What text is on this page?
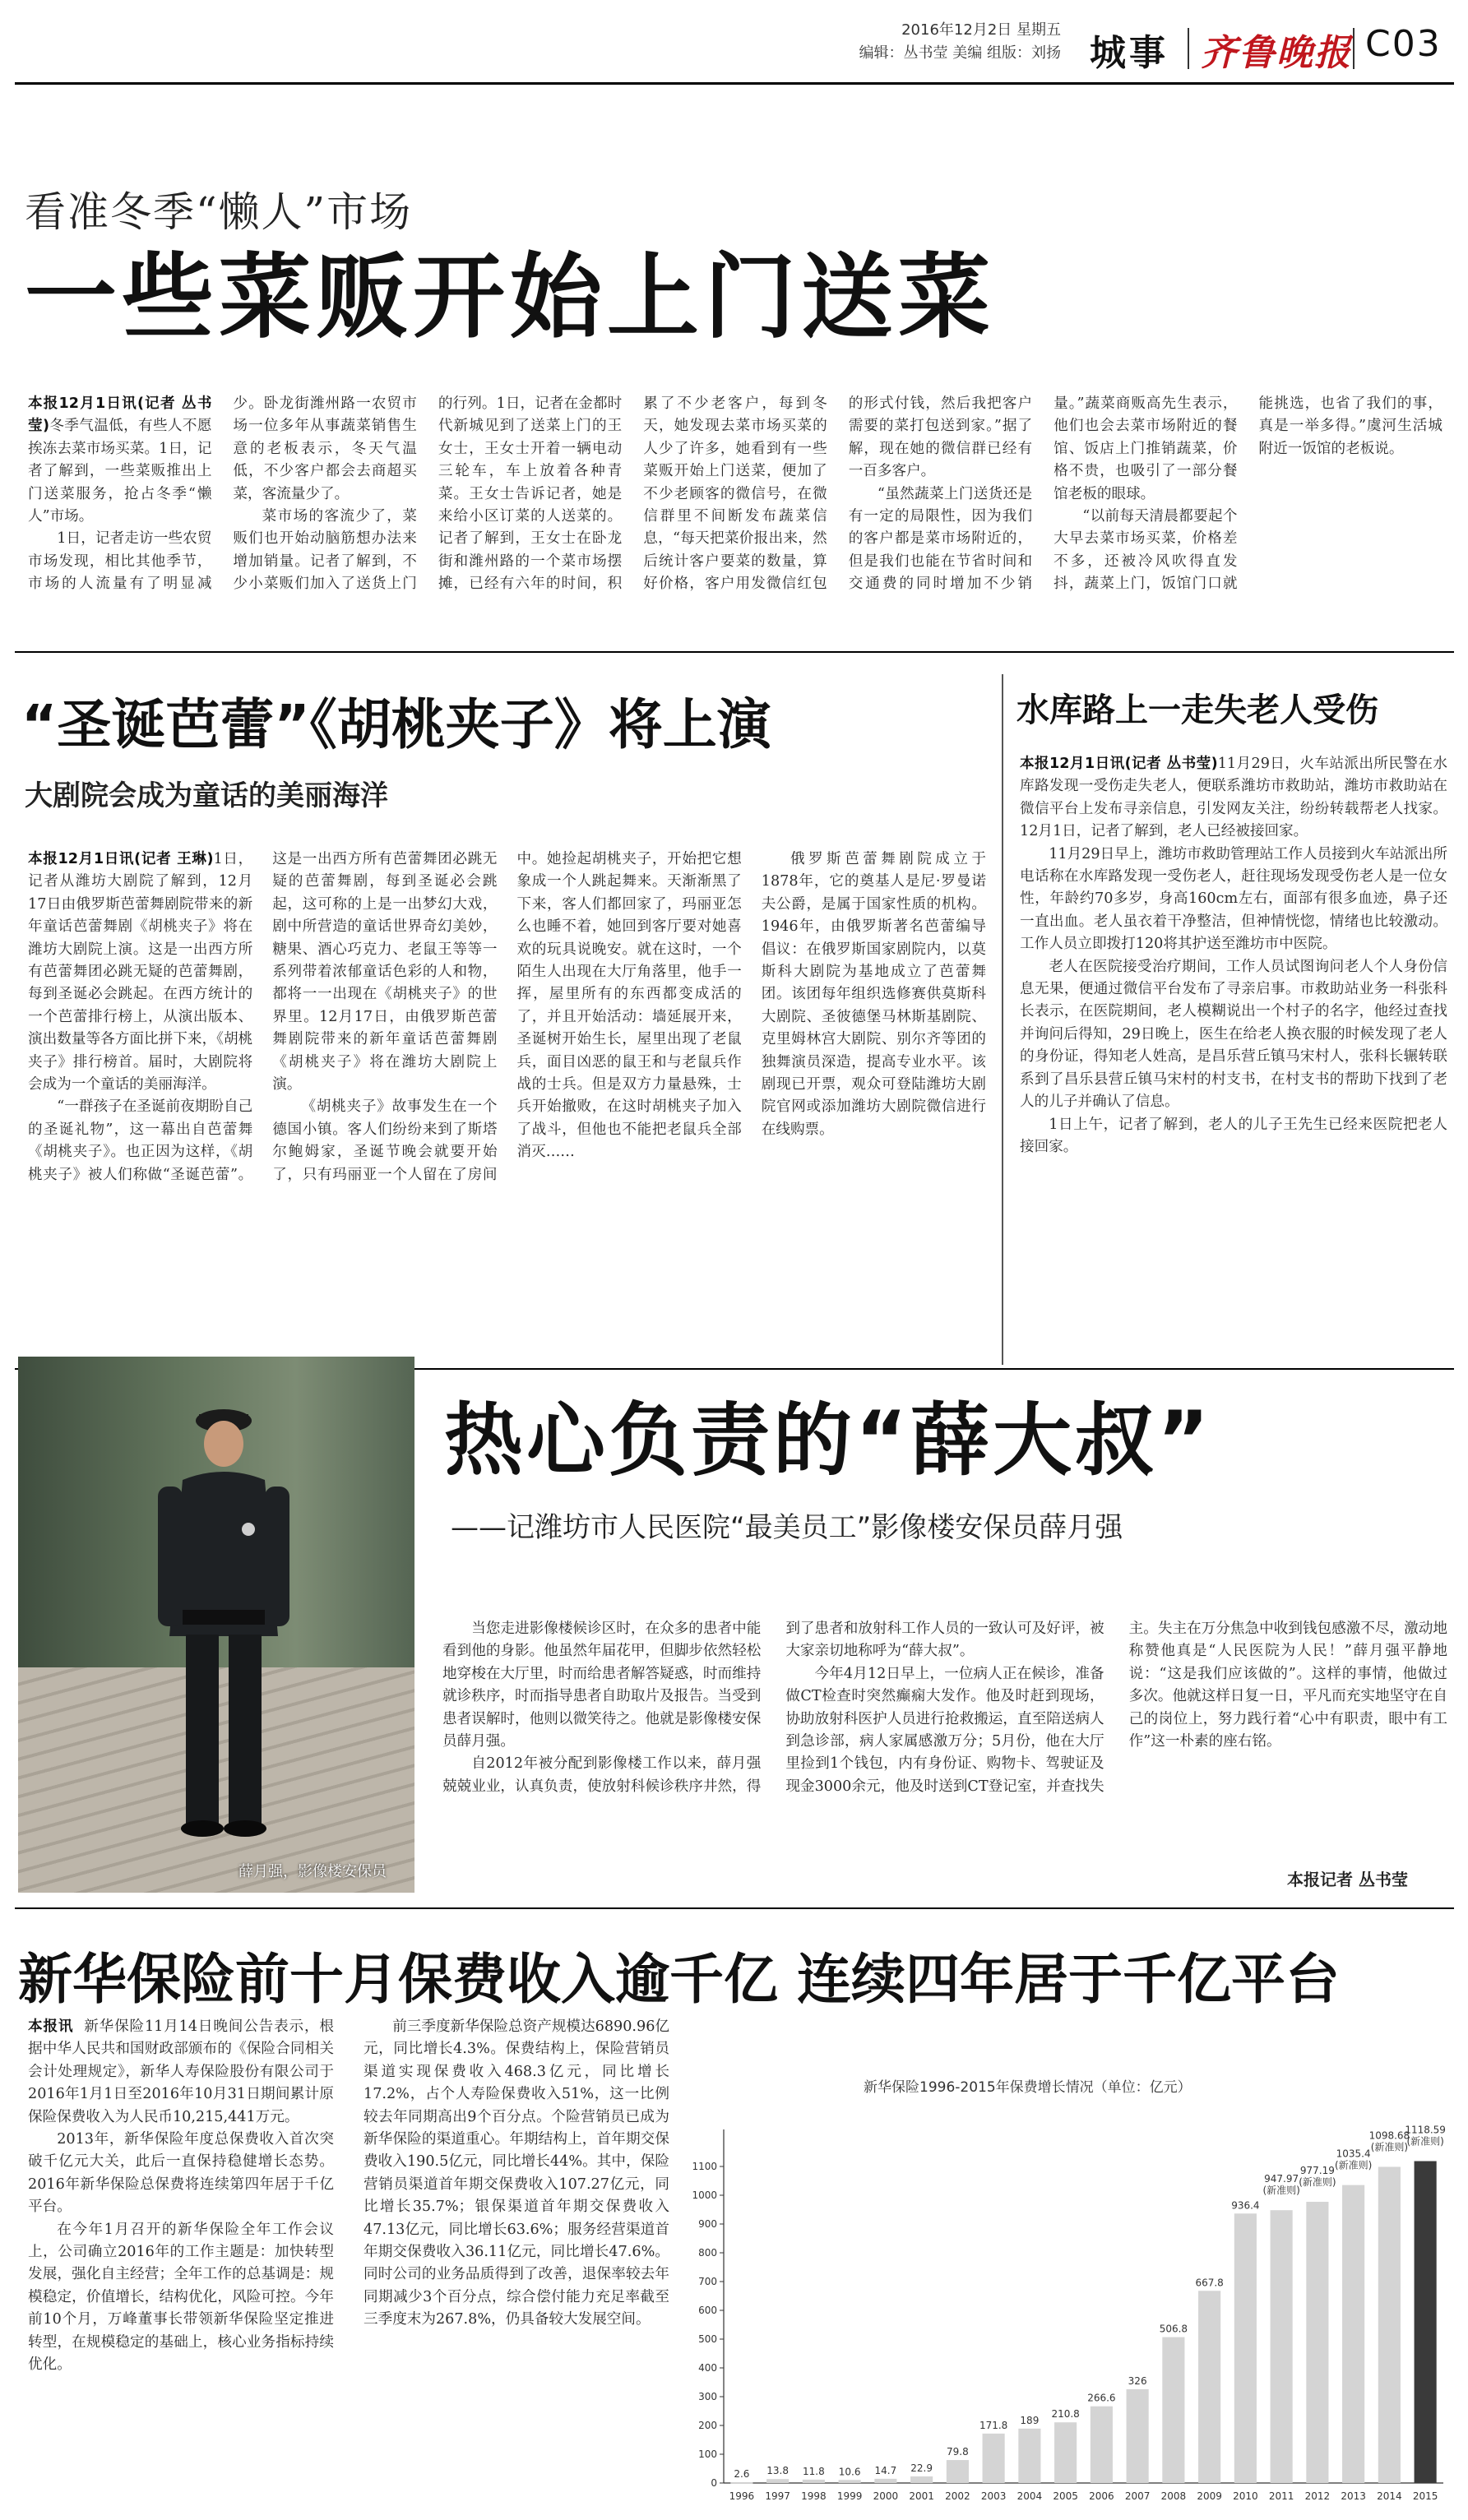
2016年12月2日 星期五
编辑：丛书莹 美编 组版：刘扬 城事 齐鲁晚报 C03
看准冬季“懒人”市场
一些菜贩开始上门送菜

本报12月1日讯(记者 丛书莹)冬季气温低，有些人不愿挨冻去菜市场买菜。1日，记者了解到，一些菜贩推出上门送菜服务，抢占冬季“懒人”市场。

1日，记者走访一些农贸市场发现，相比其他季节，市场的人流量有了明显减少。卧龙街潍州路一农贸市场一位多年从事蔬菜销售生意的老板表示，冬天气温低，不少客户都会去商超买菜，客流量少了。

菜市场的客流少了，菜贩们也开始动脑筋想办法来增加销量。记者了解到，不少小菜贩们加入了送货上门的行列。1日，记者在金都时代新城见到了送菜上门的王女士，王女士开着一辆电动三轮车，车上放着各种青菜。王女士告诉记者，她是来给小区订菜的人送菜的。记者了解到，王女士在卧龙街和潍州路的一个菜市场摆摊，已经有六年的时间，积累了不少老客户，每到冬天，她发现去菜市场买菜的人少了许多，她看到有一些菜贩开始上门送菜，便加了不少老顾客的微信号，在微信群里不间断发布蔬菜信息，“每天把菜价报出来，然后统计客户要菜的数量，算好价格，客户用发微信红包的形式付钱，然后我把客户需要的菜打包送到家。”据了解，现在她的微信群已经有一百多客户。

“虽然蔬菜上门送货还是有一定的局限性，因为我们的客户都是菜市场附近的，但是我们也能在节省时间和交通费的同时增加不少销量。”蔬菜商贩高先生表示，他们也会去菜市场附近的餐馆、饭店上门推销蔬菜，价格不贵，也吸引了一部分餐馆老板的眼球。

“以前每天清晨都要起个大早去菜市场买菜，价格差不多，还被冷风吹得直发抖，蔬菜上门，饭馆门口就能挑选，也省了我们的事，真是一举多得。”虞河生活城附近一饭馆的老板说。

“圣诞芭蕾”《胡桃夹子》将上演
大剧院会成为童话的美丽海洋

本报12月1日讯(记者 王琳)1日，记者从潍坊大剧院了解到，12月17日由俄罗斯芭蕾舞剧院带来的新年童话芭蕾舞剧《胡桃夹子》将在潍坊大剧院上演。这是一出西方所有芭蕾舞团必跳无疑的芭蕾舞剧，每到圣诞必会跳起。在西方统计的一个芭蕾排行榜上，从演出版本、演出数量等各方面比拼下来，《胡桃夹子》排行榜首。届时，大剧院将会成为一个童话的美丽海洋。

“一群孩子在圣诞前夜期盼自己的圣诞礼物”，这一幕出自芭蕾舞《胡桃夹子》。也正因为这样，《胡桃夹子》被人们称做“圣诞芭蕾”。这是一出西方所有芭蕾舞团必跳无疑的芭蕾舞剧，每到圣诞必会跳起，这可称的上是一出梦幻大戏，剧中所营造的童话世界奇幻美妙，糖果、酒心巧克力、老鼠王等等一系列带着浓郁童话色彩的人和物，都将一一出现在《胡桃夹子》的世界里。12月17日，由俄罗斯芭蕾舞剧院带来的新年童话芭蕾舞剧《胡桃夹子》将在潍坊大剧院上演。

《胡桃夹子》故事发生在一个德国小镇。客人们纷纷来到了斯塔尔鲍姆家，圣诞节晚会就要开始了，只有玛丽亚一个人留在了房间中。她捡起胡桃夹子，开始把它想象成一个人跳起舞来。天渐渐黑了下来，客人们都回家了，玛丽亚怎么也睡不着，她回到客厅要对她喜欢的玩具说晚安。就在这时，一个陌生人出现在大厅角落里，他手一挥，屋里所有的东西都变成活的了，并且开始活动：墙延展开来，圣诞树开始生长，屋里出现了老鼠兵，面目凶恶的鼠王和与老鼠兵作战的士兵。但是双方力量悬殊，士兵开始撤败，在这时胡桃夹子加入了战斗，但他也不能把老鼠兵全部消灭……

俄罗斯芭蕾舞剧院成立于1878年，它的奠基人是尼·罗曼诺夫公爵，是属于国家性质的机构。1946年，由俄罗斯著名芭蕾编导倡议：在俄罗斯国家剧院内，以莫斯科大剧院为基地成立了芭蕾舞团。该团每年组织选修赛供莫斯科大剧院、圣彼德堡马林斯基剧院、克里姆林宫大剧院、别尔齐等团的独舞演员深造，提高专业水平。该剧现已开票，观众可登陆潍坊大剧院官网或添加潍坊大剧院微信进行在线购票。

水库路上一走失老人受伤

本报12月1日讯(记者 丛书莹)11月29日，火车站派出所民警在水库路发现一受伤走失老人，便联系潍坊市救助站，潍坊市救助站在微信平台上发布寻亲信息，引发网友关注，纷纷转载帮老人找家。12月1日，记者了解到，老人已经被接回家。

11月29日早上，潍坊市救助管理站工作人员接到火车站派出所电话称在水库路发现一受伤老人，赶往现场发现受伤老人是一位女性，年龄约70多岁，身高160cm左右，面部有很多血迹，鼻子还一直出血。老人虽衣着干净整洁，但神情恍惚，情绪也比较激动。工作人员立即拨打120将其护送至潍坊市中医院。

老人在医院接受治疗期间，工作人员试图询问老人个人身份信息无果，便通过微信平台发布了寻亲启事。市救助站业务一科张科长表示，在医院期间，老人模糊说出一个村子的名字，他经过查找并询问后得知，29日晚上，医生在给老人换衣服的时候发现了老人的身份证，得知老人姓高，是昌乐营丘镇马宋村人，张科长辗转联系到了昌乐县营丘镇马宋村的村支书，在村支书的帮助下找到了老人的儿子并确认了信息。

1日上午，记者了解到，老人的儿子王先生已经来医院把老人接回家。

薛月强，影像楼安保员
热心负责的“薛大叔”
——记潍坊市人民医院“最美员工”影像楼安保员薛月强

当您走进影像楼候诊区时，在众多的患者中能看到他的身影。他虽然年届花甲，但脚步依然轻松地穿梭在大厅里，时而给患者解答疑惑，时而维持就诊秩序，时而指导患者自助取片及报告。当受到患者误解时，他则以微笑待之。他就是影像楼安保员薛月强。

自2012年被分配到影像楼工作以来，薛月强兢兢业业，认真负责，使放射科候诊秩序井然，得到了患者和放射科工作人员的一致认可及好评，被大家亲切地称呼为“薛大叔”。

今年4月12日早上，一位病人正在候诊，准备做CT检查时突然癫痫大发作。他及时赶到现场，协助放射科医护人员进行抢救搬运，直至陪送病人到急诊部，病人家属感激万分；5月份，他在大厅里捡到1个钱包，内有身份证、购物卡、驾驶证及现金3000余元，他及时送到CT登记室，并查找失主。失主在万分焦急中收到钱包感激不尽，激动地称赞他真是“人民医院为人民！”薛月强平静地说：“这是我们应该做的”。这样的事情，他做过多次。他就这样日复一日，平凡而充实地坚守在自己的岗位上，努力践行着“心中有职责，眼中有工作”这一朴素的座右铭。

本报记者 丛书莹
新华保险前十月保费收入逾千亿 连续四年居于千亿平台

本报讯 新华保险11月14日晚间公告表示，根据中华人民共和国财政部颁布的《保险合同相关会计处理规定》，新华人寿保险股份有限公司于2016年1月1日至2016年10月31日期间累计原保险保费收入为人民币10,215,441万元。

2013年，新华保险年度总保费收入首次突破千亿元大关，此后一直保持稳健增长态势。2016年新华保险总保费将连续第四年居于千亿平台。

在今年1月召开的新华保险全年工作会议上，公司确立2016年的工作主题是：加快转型发展，强化自主经营；全年工作的总基调是：规模稳定，价值增长，结构优化，风险可控。今年前10个月，万峰董事长带领新华保险坚定推进转型，在规模稳定的基础上，核心业务指标持续优化。

前三季度新华保险总资产规模达6890.96亿元，同比增长4.3%。保费结构上，保险营销员渠道实现保费收入468.3亿元，同比增长17.2%，占个人寿险保费收入51%，这一比例较去年同期高出9个百分点。个险营销员已成为新华保险的渠道重心。年期结构上，首年期交保费收入190.5亿元，同比增长44%。其中，保险营销员渠道首年期交保费收入107.27亿元，同比增长35.7%；银保渠道首年期交保费收入47.13亿元，同比增长63.6%；服务经营渠道首年期交保费收入36.11亿元，同比增长47.6%。同时公司的业务品质得到了改善，退保率较去年同期减少3个百分点，综合偿付能力充足率截至三季度末为267.8%，仍具备较大发展空间。

新华保险1996-2015年保费增长情况（单位：亿元）
0
100
200
300
400
500
600
700
800
900
1000
1100
2.6
1996
13.8
1997
11.8
1998
10.6
1999
14.7
2000
22.9
2001
79.8
2002
171.8
2003
189
2004
210.8
2005
266.6
2006
326
2007
506.8
2008
667.8
2009
936.4
2010
947.97
(新准则)
2011
977.19
(新准则)
2012
1035.4
(新准则)
2013
1098.68
(新准则)
2014
1118.59
(新准则)
2015
